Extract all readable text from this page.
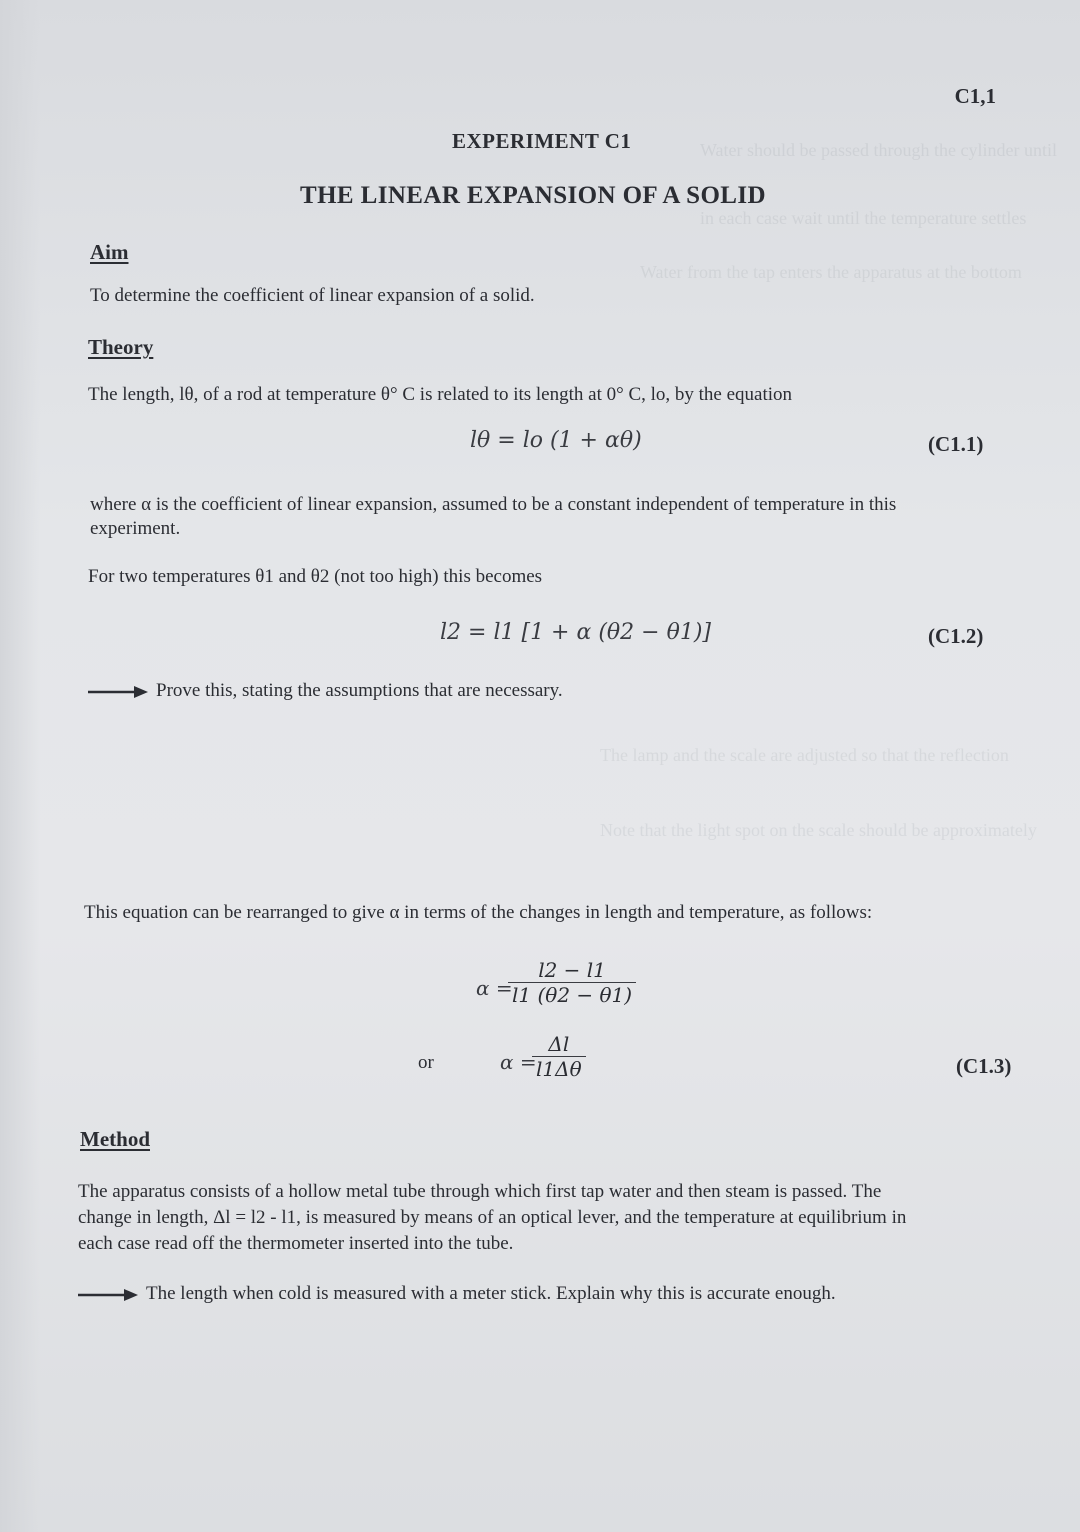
Water should be passed through the cylinder until
in each case wait until the temperature settles
Water from the tap enters the apparatus at the bottom
The lamp and the scale are adjusted so that the reflection
Note that the light spot on the scale should be approximately
C1,1
EXPERIMENT C1
THE LINEAR EXPANSION OF A SOLID
Aim
To determine the coefficient of linear expansion of a solid.
Theory
The length, lθ, of a rod at temperature θ° C is related to its length at 0° C, lo, by the equation
lθ = lo (1 + αθ)	(C1.1)
where α is the coefficient of linear expansion, assumed to be a constant independent of temperature in this
experiment.
For two temperatures θ1 and θ2 (not too high) this becomes
l2 = l1 [1 + α (θ2 − θ1)]	(C1.2)
Prove this, stating the assumptions that are necessary.
This equation can be rearranged to give α in terms of the changes in length and temperature, as follows:
α =
$\frac{l2 - l1}{l1 (\theta 2 - \theta 1)}$
or	α =
$\frac{\Delta l}{l1\Delta\theta}$	(C1.3)
Method
The apparatus consists of a hollow metal tube through which first tap water and then steam is passed. The
change in length, Δl = l2 - l1, is measured by means of an optical lever, and the temperature at equilibrium in
each case read off the thermometer inserted into the tube.
The length when cold is measured with a meter stick. Explain why this is accurate enough.
